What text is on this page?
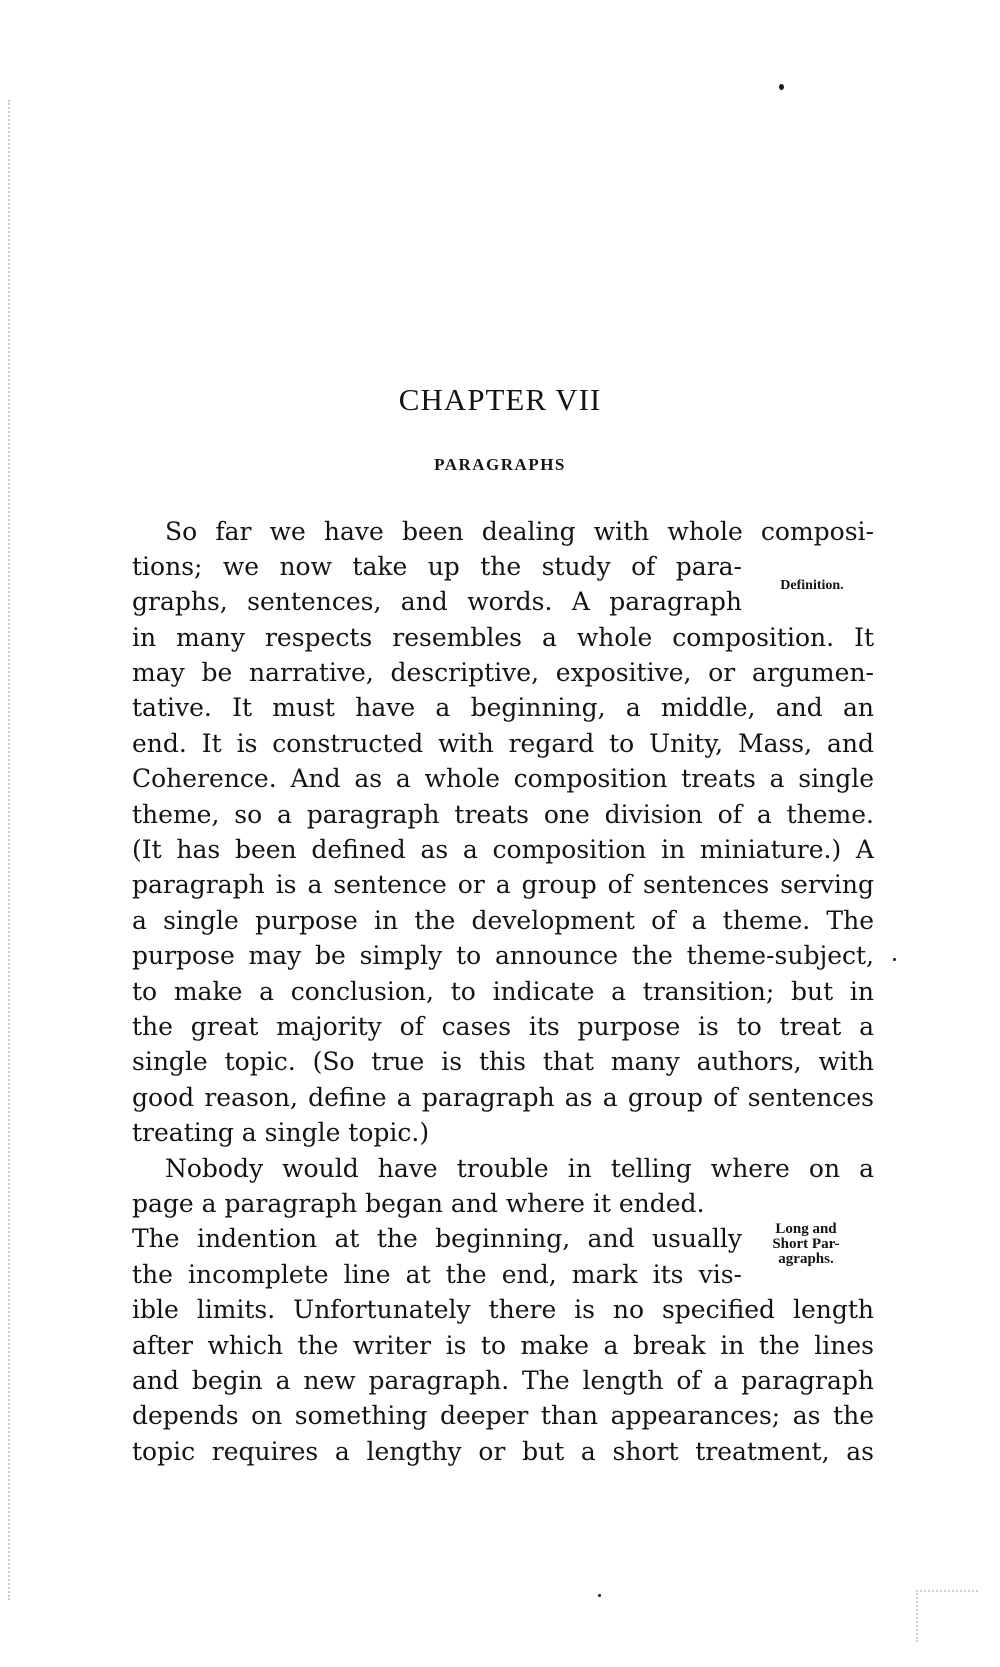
CHAPTER VII
PARAGRAPHS
Definition.
Long and
Short Par-
agraphs.
So far we have been dealing with whole composi-
tions; we now take up the study of para-
graphs, sentences, and words. A paragraph
in many respects resembles a whole composition. It
may be narrative, descriptive, expositive, or argumen-
tative. It must have a beginning, a middle, and an
end. It is constructed with regard to Unity, Mass, and
Coherence. And as a whole composition treats a single
theme, so a paragraph treats one division of a theme.
(It has been defined as a composition in miniature.) A
paragraph is a sentence or a group of sentences serving
a single purpose in the development of a theme. The
purpose may be simply to announce the theme-subject,
to make a conclusion, to indicate a transition; but in
the great majority of cases its purpose is to treat a
single topic. (So true is this that many authors, with
good reason, define a paragraph as a group of sentences
treating a single topic.)
Nobody would have trouble in telling where on a
page a paragraph began and where it ended.
The indention at the beginning, and usually
the incomplete line at the end, mark its vis-
ible limits. Unfortunately there is no specified length
after which the writer is to make a break in the lines
and begin a new paragraph. The length of a paragraph
depends on something deeper than appearances; as the
topic requires a lengthy or but a short treatment, as
